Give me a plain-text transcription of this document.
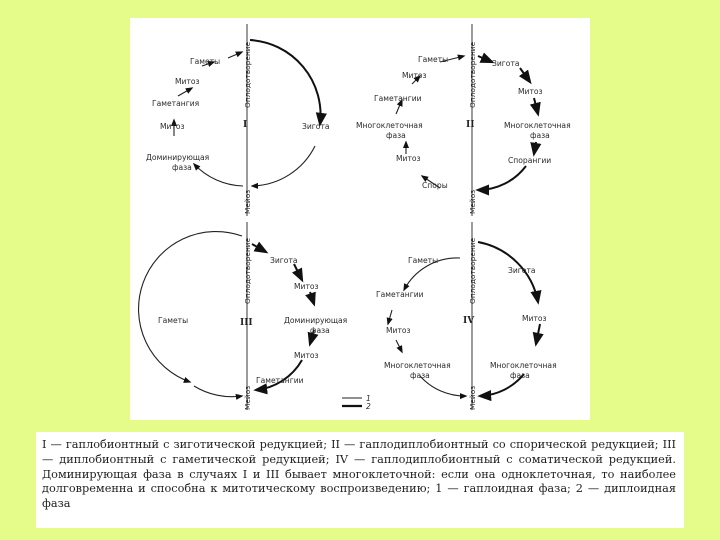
Оплодотворение
Мейоз
I
Гаметы
Митоз
Гаметангия
Митоз
Доминирующая
фаза
Зигота
Оплодотворение
Мейоз
II
Гаметы
Митоз
Зигота
Митоз
Гаметангии
Многоклеточная
фаза
Многоклеточная
фаза
Митоз	Спорангии
Споры
Оплодотворение
Мейоз
III
Зигота
Митоз
Гаметы	Доминирующая
фаза
Митоз
Гаметангии
Оплодотворение
Мейоз
IV
Гаметы
Зигота
Гаметангии
Митоз
Митоз
Многоклеточная
фаза
Многоклеточная
фаза
1
2
I — гаплобионтный с зиготической редукцией; II — гаплодиплобионтный со спорической редукцией; III — диплобионтный с гаметической редукцией; IV — гаплодиплобионтный с соматической редукцией. Доминирующая фаза в случаях I и III бывает многоклеточной: если она одноклеточная, то наиболее долговременна и способна к митотическому воспроизведению; 1 — гаплоидная фаза; 2 — диплоидная фаза
